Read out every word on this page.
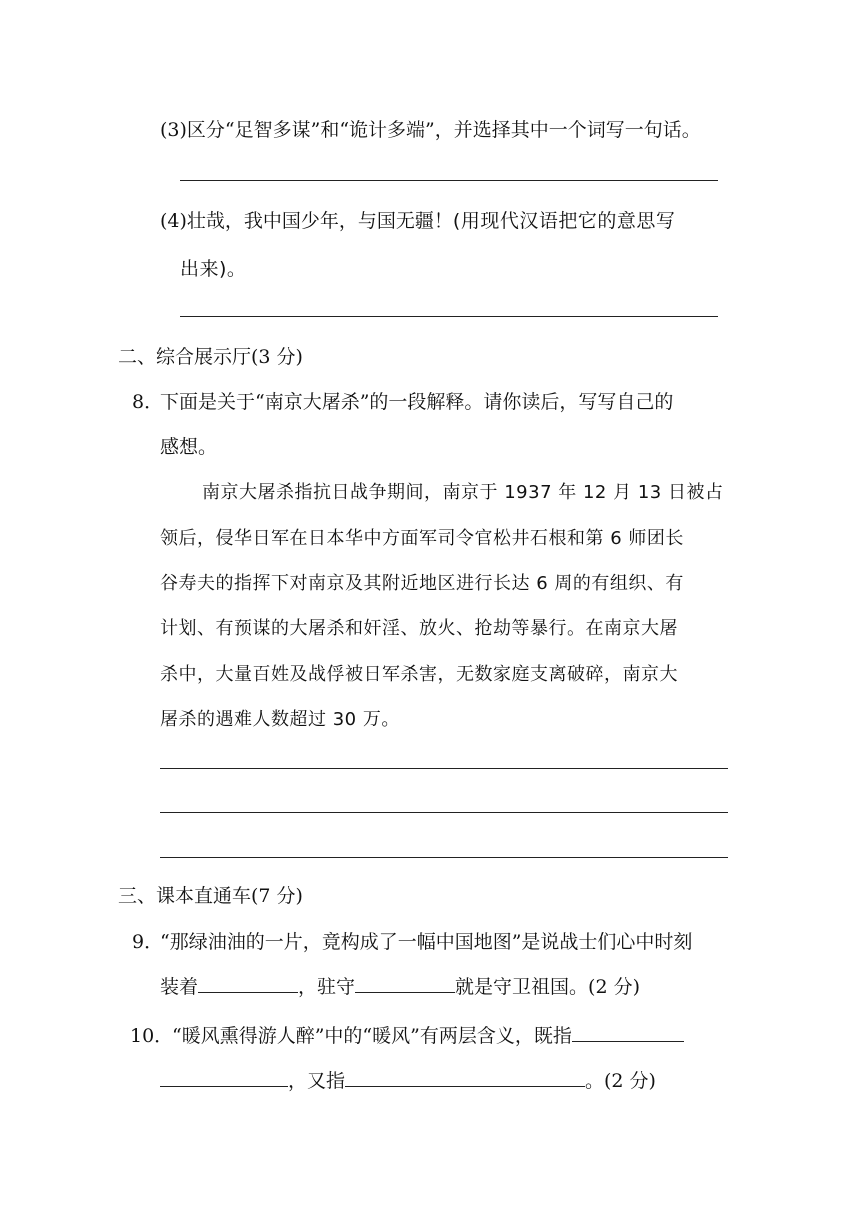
(3)区分“足智多谋”和“诡计多端”，并选择其中一个词写一句话。
(4)壮哉，我中国少年，与国无疆！(用现代汉语把它的意思写
出来)。
二、综合展示厅(3 分)
8．
下面是关于“南京大屠杀”的一段解释。请你读后，写写自己的
感想。
南京大屠杀指抗日战争期间，南京于 1937 年 12 月 13 日被占
领后，侵华日军在日本华中方面军司令官松井石根和第 6 师团长
谷寿夫的指挥下对南京及其附近地区进行长达 6 周的有组织、有
计划、有预谋的大屠杀和奸淫、放火、抢劫等暴行。在南京大屠
杀中，大量百姓及战俘被日军杀害，无数家庭支离破碎，南京大
屠杀的遇难人数超过 30 万。
三、课本直通车(7 分)
9．
“那绿油油的一片，竟构成了一幅中国地图”是说战士们心中时刻
装着	，驻守	就是守卫祖国。(2 分)
10．
“暖风熏得游人醉”中的“暖风”有两层含义，既指
，又指	。(2 分)
